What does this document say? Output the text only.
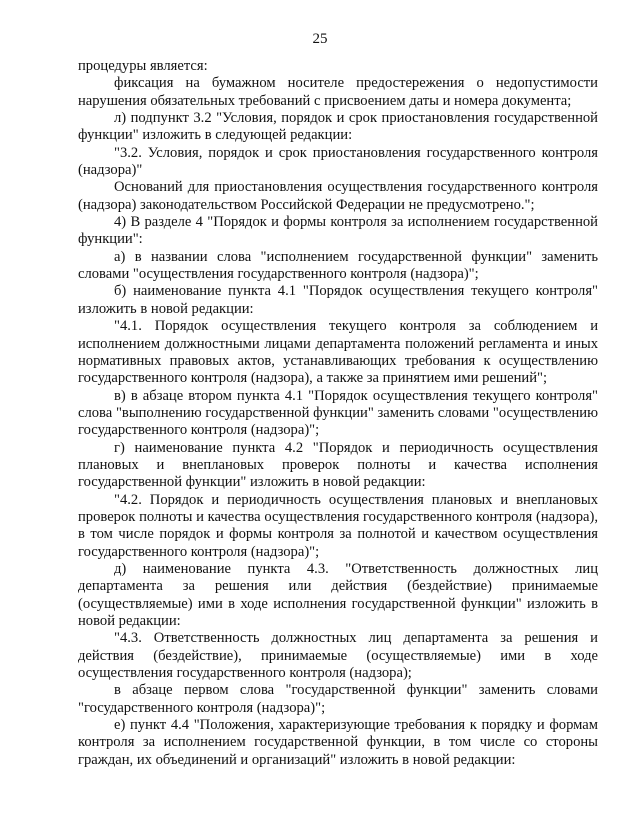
25

процедуры является:

фиксация на бумажном носителе предостережения о недопустимости нарушения обязательных требований с присвоением даты и номера документа;

л) подпункт 3.2 "Условия, порядок и срок приостановления государственной функции" изложить в следующей редакции:

"3.2. Условия, порядок и срок приостановления государственного контроля (надзора)"

Оснований для приостановления осуществления государственного контроля (надзора) законодательством Российской Федерации не предусмотрено.";

4) В разделе 4 "Порядок и формы контроля за исполнением государственной функции":

а) в названии слова "исполнением государственной функции" заменить словами "осуществления государственного контроля (надзора)";

б) наименование пункта 4.1 "Порядок осуществления текущего контроля" изложить в новой редакции:

"4.1. Порядок осуществления текущего контроля за соблюдением и исполнением должностными лицами департамента положений регламента и иных нормативных правовых актов, устанавливающих требования к осуществлению государственного контроля (надзора), а также за принятием ими решений";

в) в абзаце втором пункта 4.1 "Порядок осуществления текущего контроля" слова "выполнению государственной функции" заменить словами "осуществлению государственного контроля (надзора)";

г) наименование пункта 4.2 "Порядок и периодичность осуществления плановых и внеплановых проверок полноты и качества исполнения государственной функции" изложить в новой редакции:

"4.2. Порядок и периодичность осуществления плановых и внеплановых проверок полноты и качества осуществления государственного контроля (надзора), в том числе порядок и формы контроля за полнотой и качеством осуществления государственного контроля (надзора)";

д) наименование пункта 4.3. "Ответственность должностных лиц департамента за решения или действия (бездействие) принимаемые (осуществляемые) ими в ходе исполнения государственной функции" изложить в новой редакции:

"4.3. Ответственность должностных лиц департамента за решения и действия (бездействие), принимаемые (осуществляемые) ими в ходе осуществления государственного контроля (надзора);

в абзаце первом слова "государственной функции" заменить словами "государственного контроля (надзора)";

е) пункт 4.4 "Положения, характеризующие требования к порядку и формам контроля за исполнением государственной функции, в том числе со стороны граждан, их объединений и организаций" изложить в новой редакции:
